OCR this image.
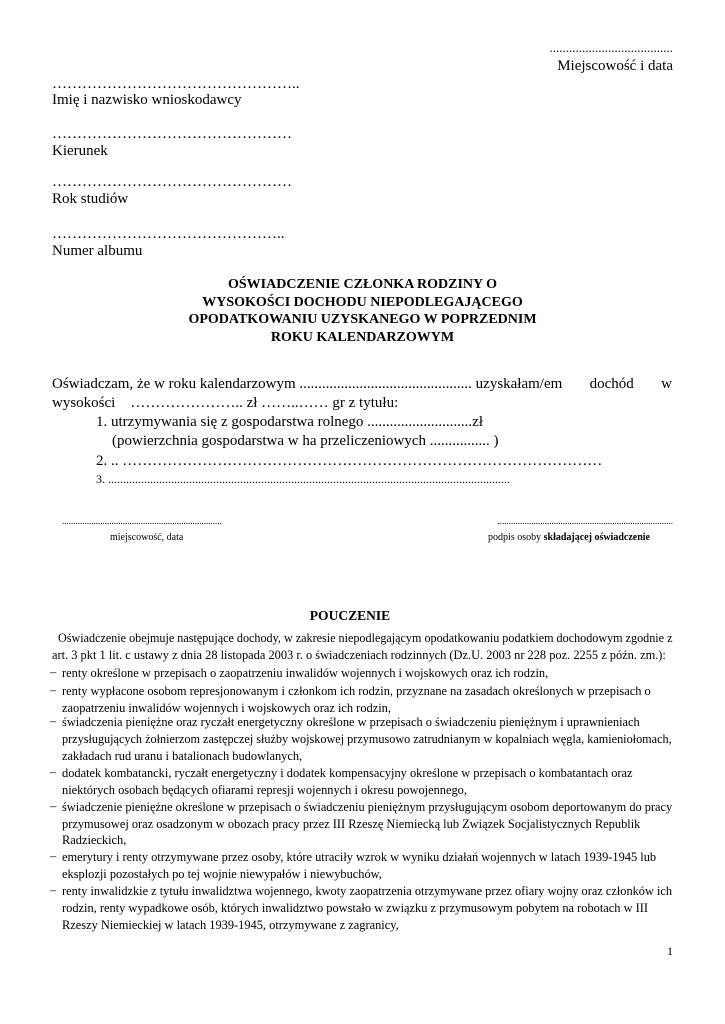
......................................
Miejscowość i data
…………………………………………..
Imię i nazwisko wnioskodawcy
…………………………………………
Kierunek
…………………………………………
Rok studiów
………………………………………..
Numer albumu
OŚWIADCZENIE CZŁONKA RODZINY O
WYSOKOŚCI DOCHODU NIEPODLEGAJĄCEGO
OPODATKOWANIU UZYSKANEGO W POPRZEDNIM
ROKU KALENDARZOWYM
Oświadczam, że w roku kalendarzowym .............................................. uzyskałam/em dochód w
wysokości    ………………….. zł ……..…… gr z tytułu:
1. utrzymywania się z gospodarstwa rolnego ............................zł
(powierzchnia gospodarstwa w ha przeliczeniowych ................ )
2. .. ……………………………………………………………………………………
3. ......................................................................................................................................
.......................................................................
miejscowość, data
..............................................................................
podpis osoby składającej oświadczenie
POUCZENIE
Oświadczenie obejmuje następujące dochody, w zakresie niepodlegającym opodatkowaniu podatkiem dochodowym zgodnie z
art. 3 pkt 1 lit. c ustawy z dnia 28 listopada 2003 r. o świadczeniach rodzinnych (Dz.U. 2003 nr 228 poz. 2255 z późn. zm.):
– renty określone w przepisach o zaopatrzeniu inwalidów wojennych i wojskowych oraz ich rodzin,
– renty wypłacone osobom represjonowanym i członkom ich rodzin, przyznane na zasadach określonych w przepisach o
zaopatrzeniu inwalidów wojennych i wojskowych oraz ich rodzin,
– świadczenia pieniężne oraz ryczałt energetyczny określone w przepisach o świadczeniu pieniężnym i uprawnieniach
przysługujących żołnierzom zastępczej służby wojskowej przymusowo zatrudnianym w kopalniach węgla, kamieniołomach,
zakładach rud uranu i batalionach budowlanych,
– dodatek kombatancki, ryczałt energetyczny i dodatek kompensacyjny określone w przepisach o kombatantach oraz
niektórych osobach będących ofiarami represji wojennych i okresu powojennego,
– świadczenie pieniężne określone w przepisach o świadczeniu pieniężnym przysługującym osobom deportowanym do pracy
przymusowej oraz osadzonym w obozach pracy przez III Rzeszę Niemiecką lub Związek Socjalistycznych Republik
Radzieckich,
– emerytury i renty otrzymywane przez osoby, które utraciły wzrok w wyniku działań wojennych w latach 1939-1945 lub
eksplozji pozostałych po tej wojnie niewypałów i niewybuchów,
– renty inwalidzkie z tytułu inwalidztwa wojennego, kwoty zaopatrzenia otrzymywane przez ofiary wojny oraz członków ich
rodzin, renty wypadkowe osób, których inwalidztwo powstało w związku z przymusowym pobytem na robotach w III
Rzeszy Niemieckiej w latach 1939-1945, otrzymywane z zagranicy,
1
